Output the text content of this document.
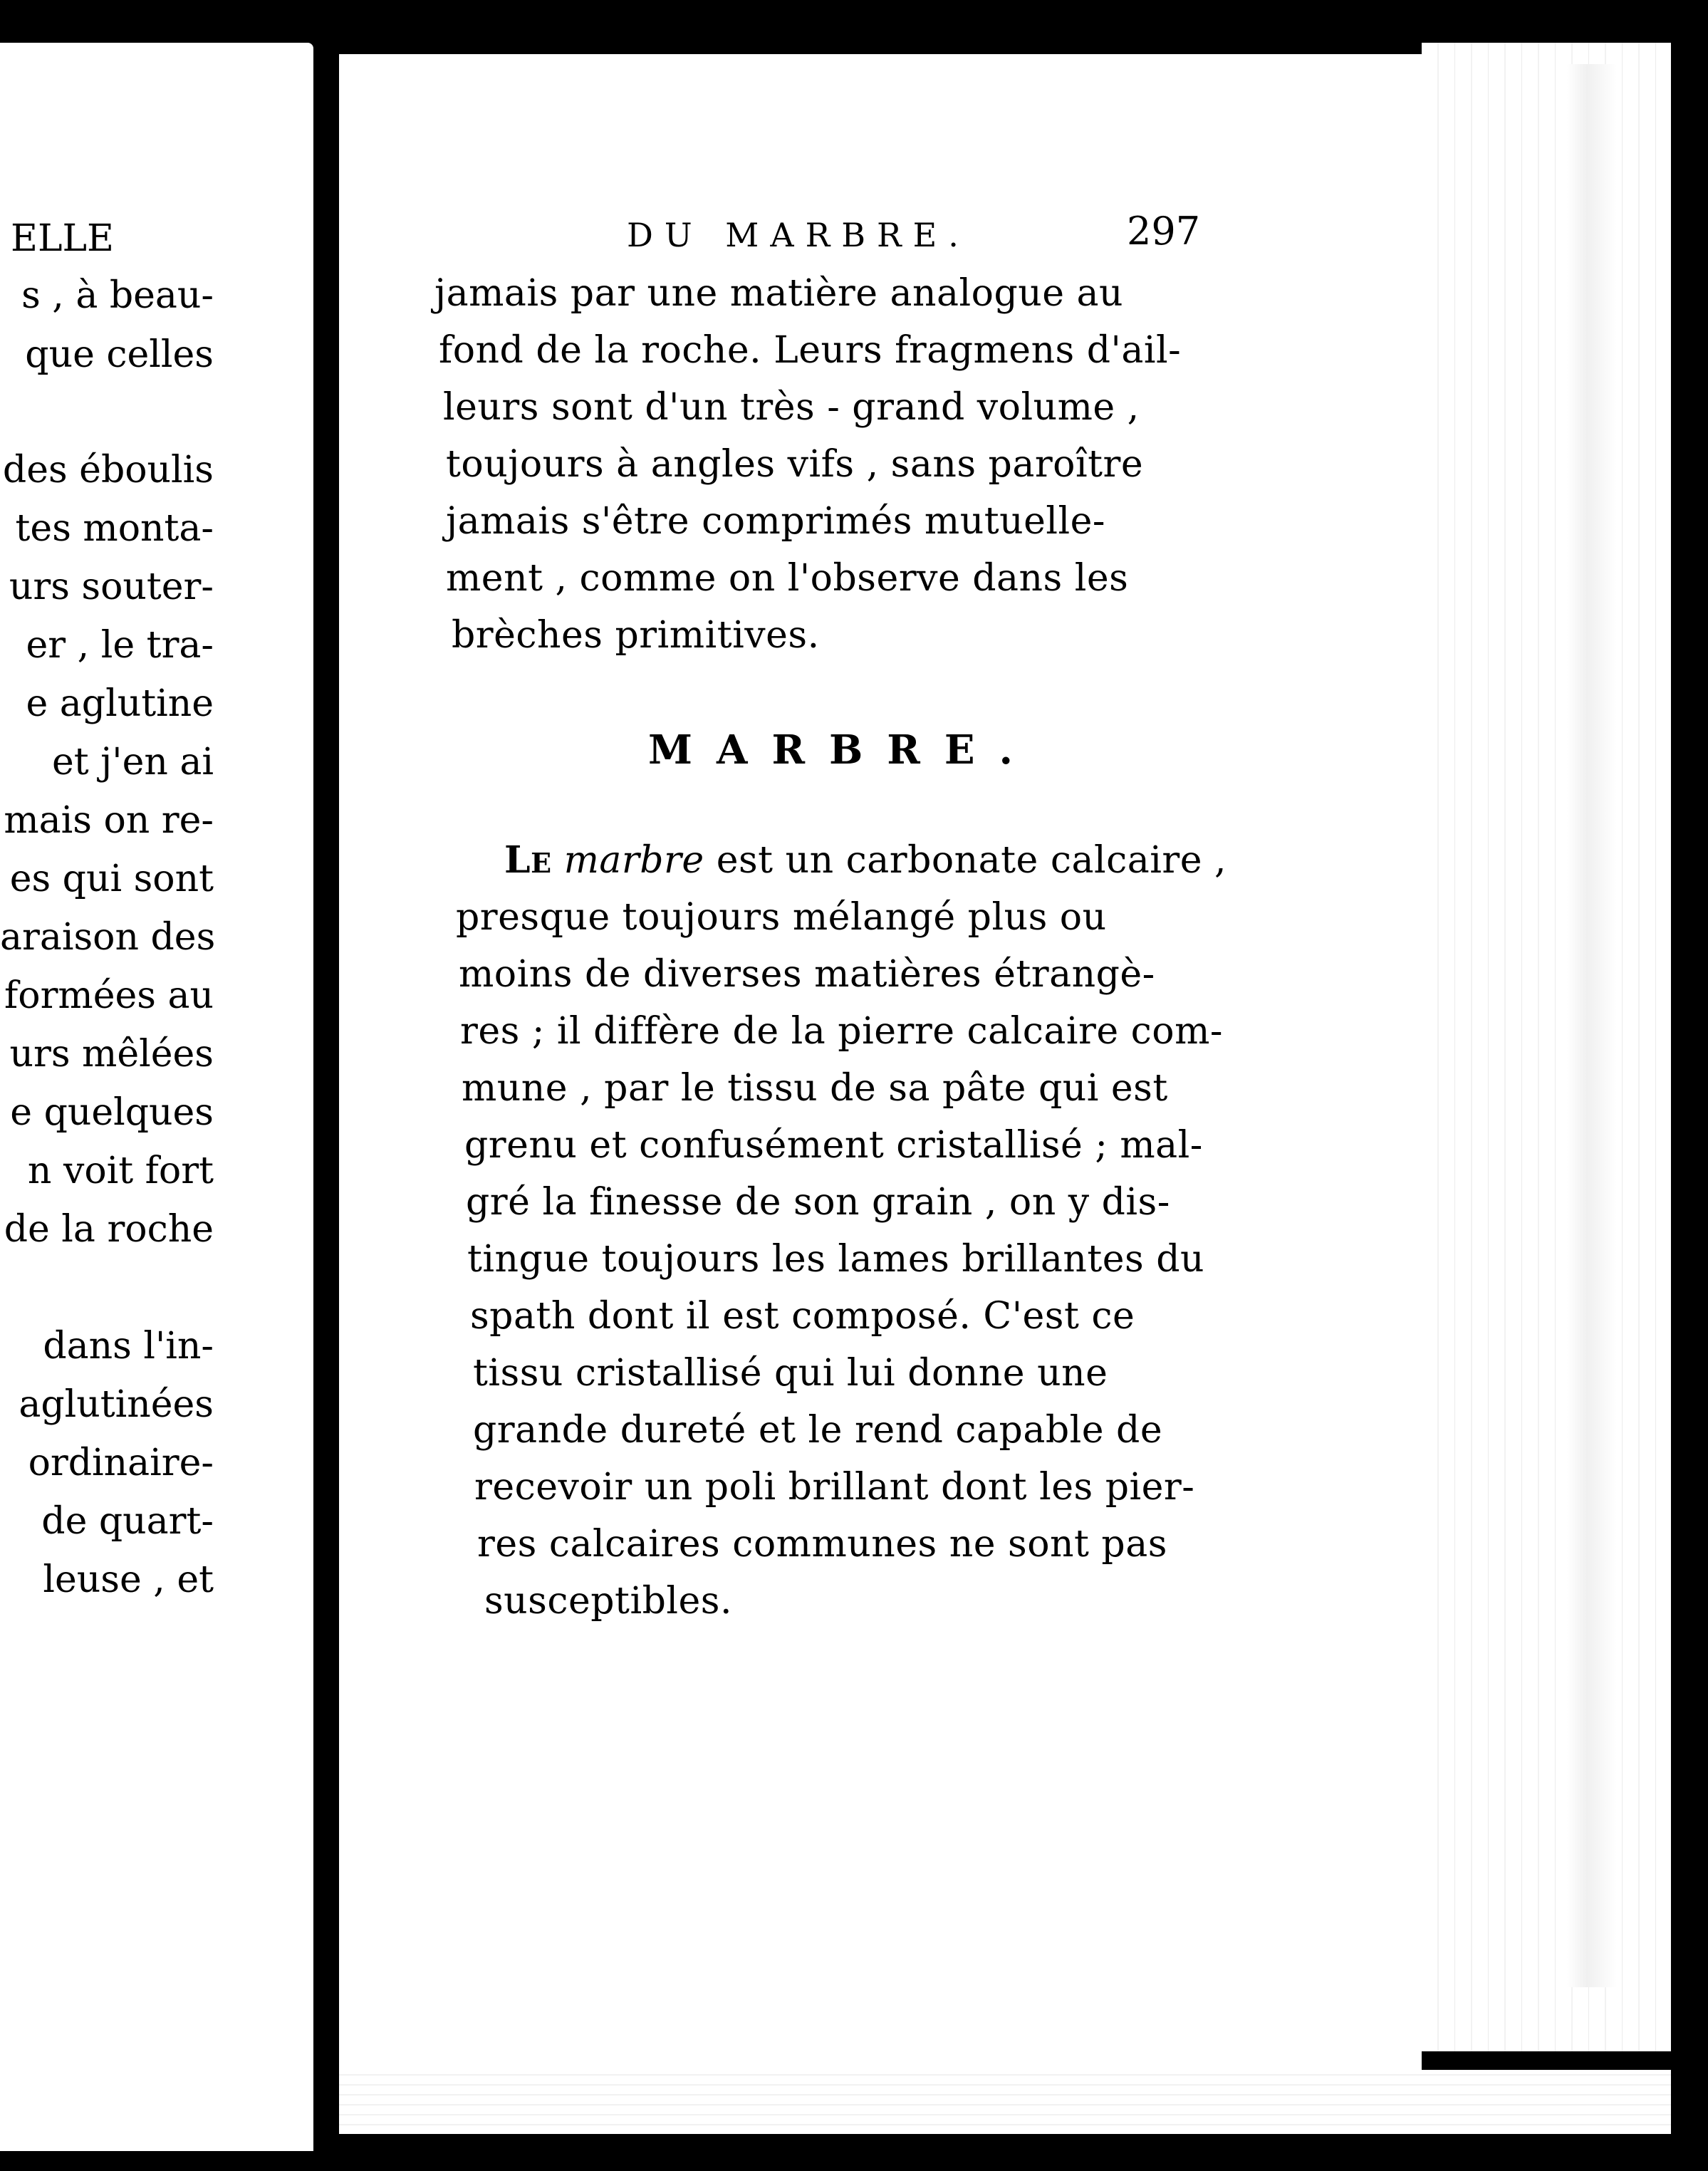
ELLE
s , à beau-
que celles
des éboulis
tes monta-
urs souter-
er , le tra-
e aglutine
et j'en ai
mais on re-
es qui sont
araison des
formées au
urs mêlées
e quelques
n voit fort
de la roche
dans l'in-
aglutinées
ordinaire-
de quart-
leuse , et
DU MARBRE.	297
jamais par une matière analogue au
fond de la roche. Leurs fragmens d'ail-
leurs sont d'un très - grand volume ,
toujours à angles vifs , sans paroître
jamais s'être comprimés mutuelle-
ment , comme on l'observe dans les
brèches primitives.
MARBRE.
LE marbre est un carbonate calcaire ,
presque toujours mélangé plus ou
moins de diverses matières étrangè-
res ; il diffère de la pierre calcaire com-
mune , par le tissu de sa pâte qui est
grenu et confusément cristallisé ; mal-
gré la finesse de son grain , on y dis-
tingue toujours les lames brillantes du
spath dont il est composé. C'est ce
tissu cristallisé qui lui donne une
grande dureté et le rend capable de
recevoir un poli brillant dont les pier-
res calcaires communes ne sont pas
susceptibles.
